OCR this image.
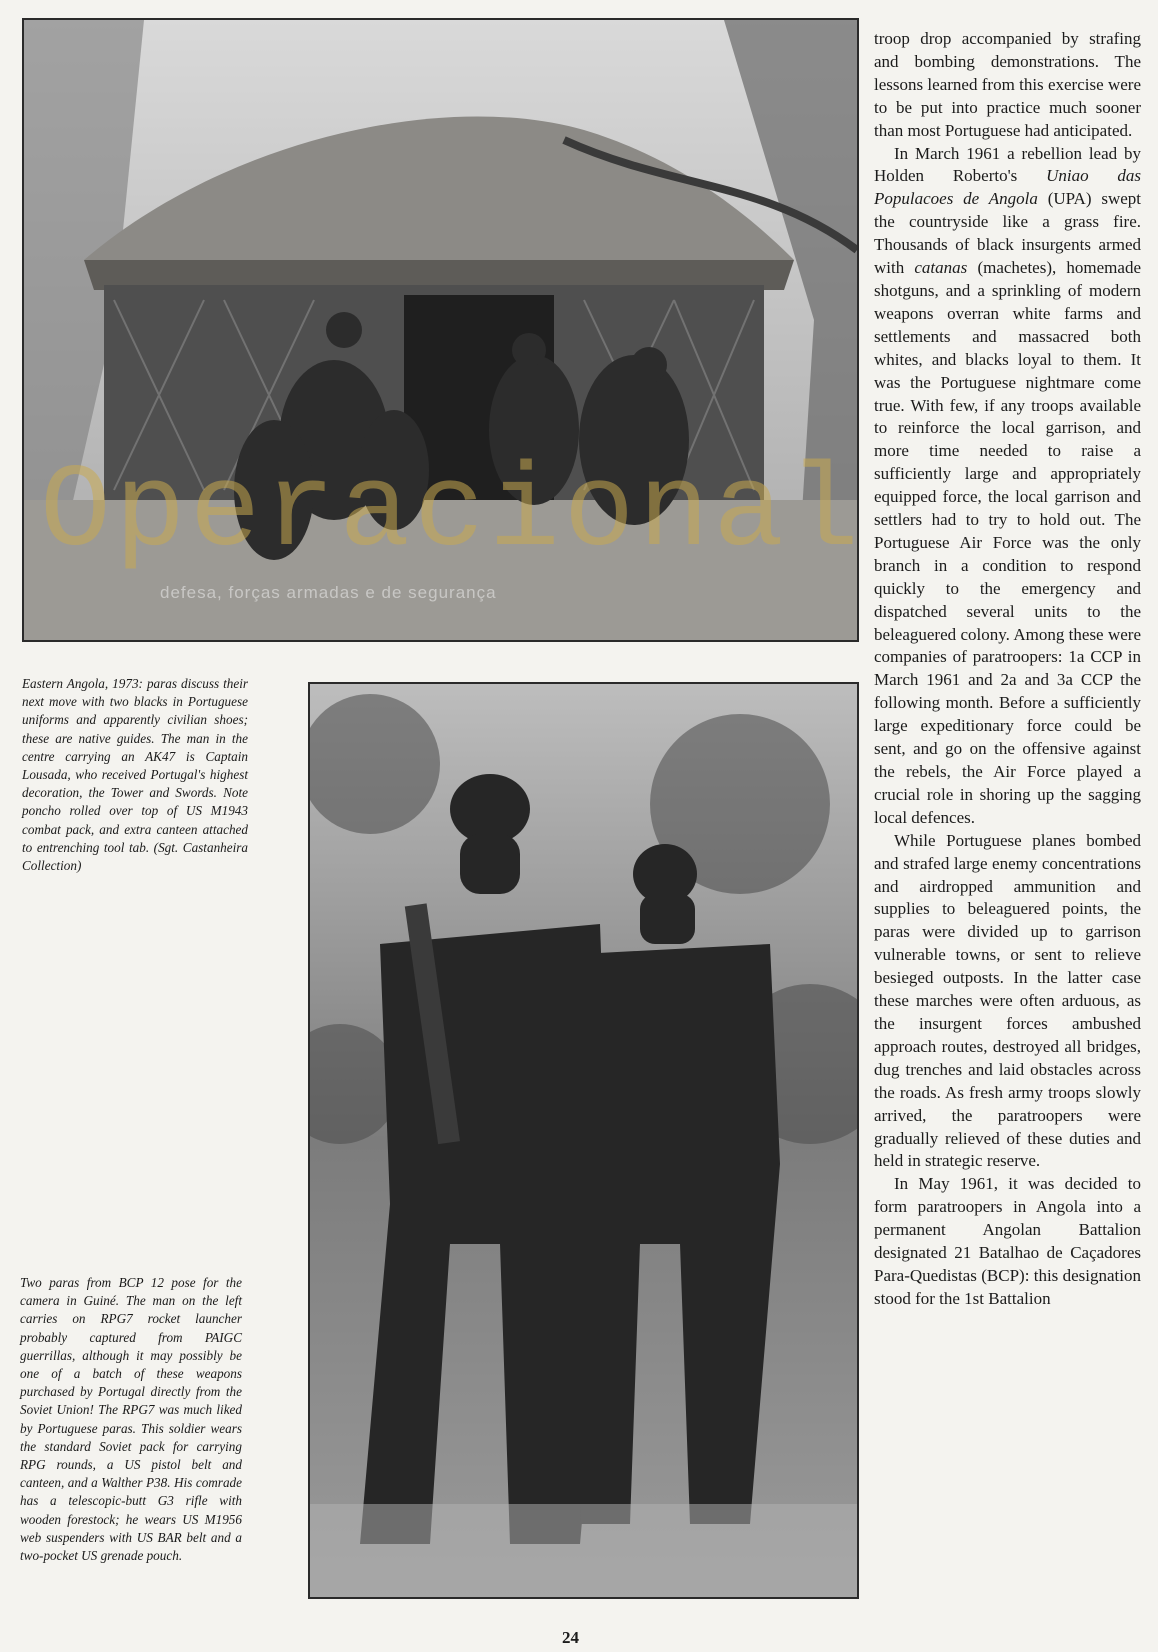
Operacional
defesa, forças armadas e de segurança

Eastern Angola, 1973: paras discuss their next move with two blacks in Portuguese uniforms and apparently civilian shoes; these are native guides. The man in the centre carrying an AK47 is Captain Lousada, who received Portugal's highest decoration, the Tower and Swords. Note poncho rolled over top of US M1943 combat pack, and extra canteen attached to entrenching tool tab. (Sgt. Castanheira Collection)

Two paras from BCP 12 pose for the camera in Guiné. The man on the left carries on RPG7 rocket launcher probably captured from PAIGC guerrillas, although it may possibly be one of a batch of these weapons purchased by Portugal directly from the Soviet Union! The RPG7 was much liked by Portuguese paras. This soldier wears the standard Soviet pack for carrying RPG rounds, a US pistol belt and canteen, and a Walther P38. His comrade has a telescopic-butt G3 rifle with wooden forestock; he wears US M1956 web suspenders with US BAR belt and a two-pocket US grenade pouch.

troop drop accompanied by strafing and bombing demonstrations. The lessons learned from this exercise were to be put into practice much sooner than most Portuguese had anticipated.

In March 1961 a rebellion lead by Holden Roberto's Uniao das Populacoes de Angola (UPA) swept the countryside like a grass fire. Thousands of black insurgents armed with catanas (machetes), homemade shotguns, and a sprinkling of modern weapons overran white farms and settlements and massacred both whites, and blacks loyal to them. It was the Portuguese nightmare come true. With few, if any troops available to reinforce the local garrison, and more time needed to raise a sufficiently large and appropriately equipped force, the local garrison and settlers had to try to hold out. The Portuguese Air Force was the only branch in a condition to respond quickly to the emergency and dispatched several units to the beleaguered colony. Among these were companies of paratroopers: 1a CCP in March 1961 and 2a and 3a CCP the following month. Before a sufficiently large expeditionary force could be sent, and go on the offensive against the rebels, the Air Force played a crucial role in shoring up the sagging local defences.

While Portuguese planes bombed and strafed large enemy concentrations and airdropped ammunition and supplies to beleaguered points, the paras were divided up to garrison vulnerable towns, or sent to relieve besieged outposts. In the latter case these marches were often arduous, as the insurgent forces ambushed approach routes, destroyed all bridges, dug trenches and laid obstacles across the roads. As fresh army troops slowly arrived, the paratroopers were gradually relieved of these duties and held in strategic reserve.

In May 1961, it was decided to form paratroopers in Angola into a permanent Angolan Battalion designated 21 Batalhao de Caçadores Para-Quedistas (BCP): this designation stood for the 1st Battalion

24
